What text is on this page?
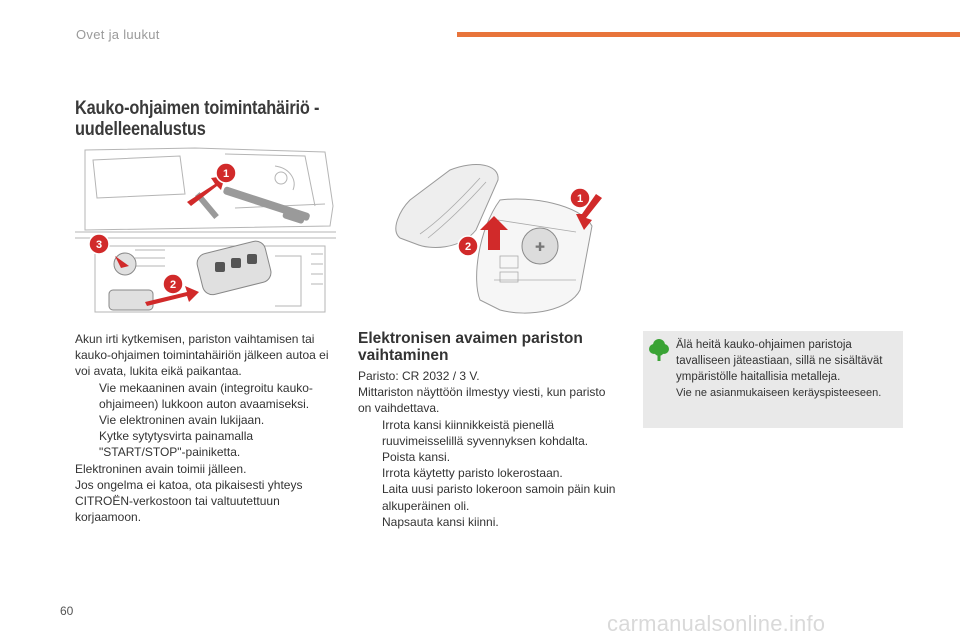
Ovet ja luukut
Kauko-ohjaimen toimintahäiriö - uudelleenalustus
1
3
2
✚
2
1
Akun irti kytkemisen, pariston vaihtamisen tai kauko-ohjaimen toimintahäiriön jälkeen autoa ei voi avata, lukita eikä paikantaa.
Vie mekaaninen avain (integroitu kauko-ohjaimeen) lukkoon auton avaamiseksi.
Vie elektroninen avain lukijaan.
Kytke sytytysvirta painamalla "START/STOP"-painiketta.
Elektroninen avain toimii jälleen.
Jos ongelma ei katoa, ota pikaisesti yhteys CITROËN-verkostoon tai valtuutettuun korjaamoon.
Elektronisen avaimen pariston vaihtaminen
Paristo: CR 2032 / 3 V.
Mittariston näyttöön ilmestyy viesti, kun paristo on vaihdettava.
Irrota kansi kiinnikkeistä pienellä ruuvimeisselillä syvennyksen kohdalta.
Poista kansi.
Irrota käytetty paristo lokerostaan.
Laita uusi paristo lokeroon samoin päin kuin alkuperäinen oli.
Napsauta kansi kiinni.
Älä heitä kauko-ohjaimen paristoja tavalliseen jäteastiaan, sillä ne sisältävät ympäristölle haitallisia metalleja.
Vie ne asianmukaiseen keräyspisteeseen.
60	carmanualsonline.info
